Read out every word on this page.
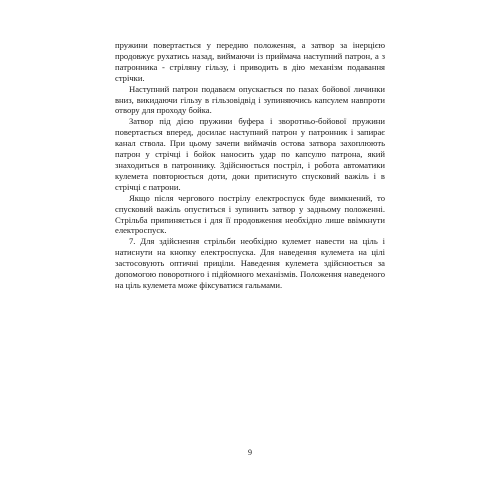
пружини повертається у передню положення, а затвор за інерцією продовжує рухатись назад, виймаючи із приймача наступний патрон, а з патронника - стріляну гільзу, і приводить в дію механізм подавання стрічки.

Наступний патрон подаваєм опускається по пазах бойової личинки вниз, викидаючи гільзу в гільзовідвід і зупиняючись капсулем навпроти отвору для проходу бойка.

Затвор під дією пружини буфера і зворотньо-бойової пружини повертається вперед, досилає наступний патрон у патронник і запирає канал ствола. При цьому зачепи виймачів остова затвора захоплюють патрон у стрічці і бойок наносить удар по капсулю патрона, який знаходиться в патроннику. Здійснюється постріл, і робота автоматики кулемета повторюється доти, доки притиснуто спусковий важіль і в стрічці є патрони.

Якщо після чергового пострілу електроспуск буде вимкнений, то спусковий важіль опуститься і зупинить затвор у задньому положенні. Стрільба припиняється і для її продовження необхідно лише ввімкнути електроспуск.

7. Для здійснення стрільби необхідно кулемет навести на ціль і натиснути на кнопку електроспуска. Для наведення кулемета на цілі застосовують оптичні приціли. Наведення кулемета здійснюється за допомогою поворотного і підйомного механізмів. Положення наведеного на ціль кулемета може фіксуватися гальмами.

9
